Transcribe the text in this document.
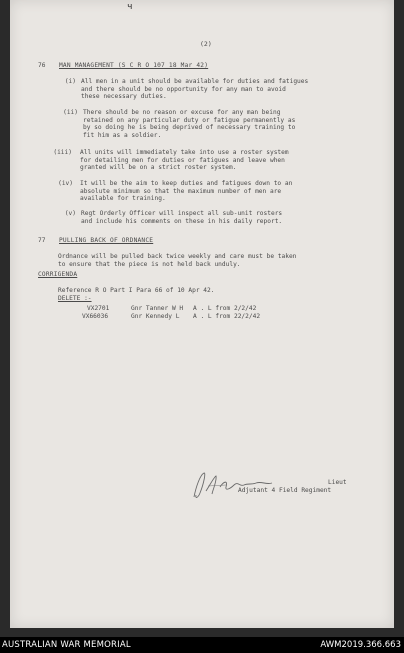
ч
(2)
76 MAN MANAGEMENT (S C R O 107 18 Mar 42)
(i) All men in a unit should be available for duties and fatigues
and there should be no opportunity for any man to avoid
these necessary duties.
(ii) There should be no reason or excuse for any man being
retained on any particular duty or fatigue permanently as
by so doing he is being deprived of necessary training to
fit him as a soldier.
(iii) All units will immediately take into use a roster system
for detailing men for duties or fatigues and leave when
granted will be on a strict roster system.
(iv) It will be the aim to keep duties and fatigues down to an
absolute minimum so that the maximum number of men are
available for training.
(v) Regt Orderly Officer will inspect all sub-unit rosters
and include his comments on these in his daily report.
77 PULLING BACK OF ORDNANCE
Ordnance will be pulled back twice weekly and care must be taken
to ensure that the piece is not held back unduly.
CORRIGENDA
Reference R O Part I Para 66 of 10 Apr 42.
DELETE :-
VX2701	Gnr Tanner W H A . L from 2/2/42
VX66036	Gnr Kennedy L A . L from 22/2/42
Lieut
Adjutant 4 Field Regiment
AUSTRALIAN WAR MEMORIAL	AWM2019.366.663
